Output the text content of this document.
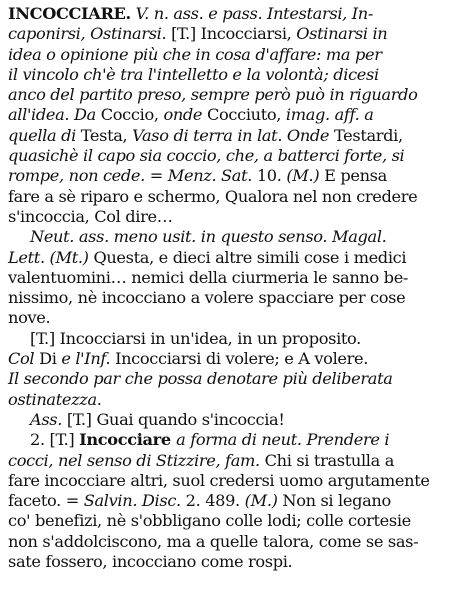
INCOCCIARE. V. n. ass. e pass. Intestarsi, In-
caponirsi, Ostinarsi. [T.] Incocciarsi, Ostinarsi in
idea o opinione più che in cosa d'affare: ma per
il vincolo ch'è tra l'intelletto e la volontà; dicesi
anco del partito preso, sempre però può in riguardo
all'idea. Da Coccio, onde Cocciuto, imag. aff. a
quella di Testa, Vaso di terra in lat. Onde Testardi,
quasichè il capo sia coccio, che, a batterci forte, si
rompe, non cede. = Menz. Sat. 10. (M.) E pensa
fare a sè riparo e schermo, Qualora nel non credere
s'incoccia, Col dire…
Neut. ass. meno usit. in questo senso. Magal.
Lett. (Mt.) Questa, e dieci altre simili cose i medici
valentuomini… nemici della ciurmeria le sanno be-
nissimo, nè incocciano a volere spacciare per cose
nove.
[T.] Incocciarsi in un'idea, in un proposito.
Col Di e l'Inf. Incocciarsi di volere; e A volere.
Il secondo par che possa denotare più deliberata
ostinatezza.
Ass. [T.] Guai quando s'incoccia!
2. [T.] Incocciare a forma di neut. Prendere i
cocci, nel senso di Stizzire, fam. Chi si trastulla a
fare incocciare altri, suol credersi uomo argutamente
faceto. = Salvin. Disc. 2. 489. (M.) Non si legano
co' benefizi, nè s'obbligano colle lodi; colle cortesie
non s'addolciscono, ma a quelle talora, come se sas-
sate fossero, incocciano come rospi.
